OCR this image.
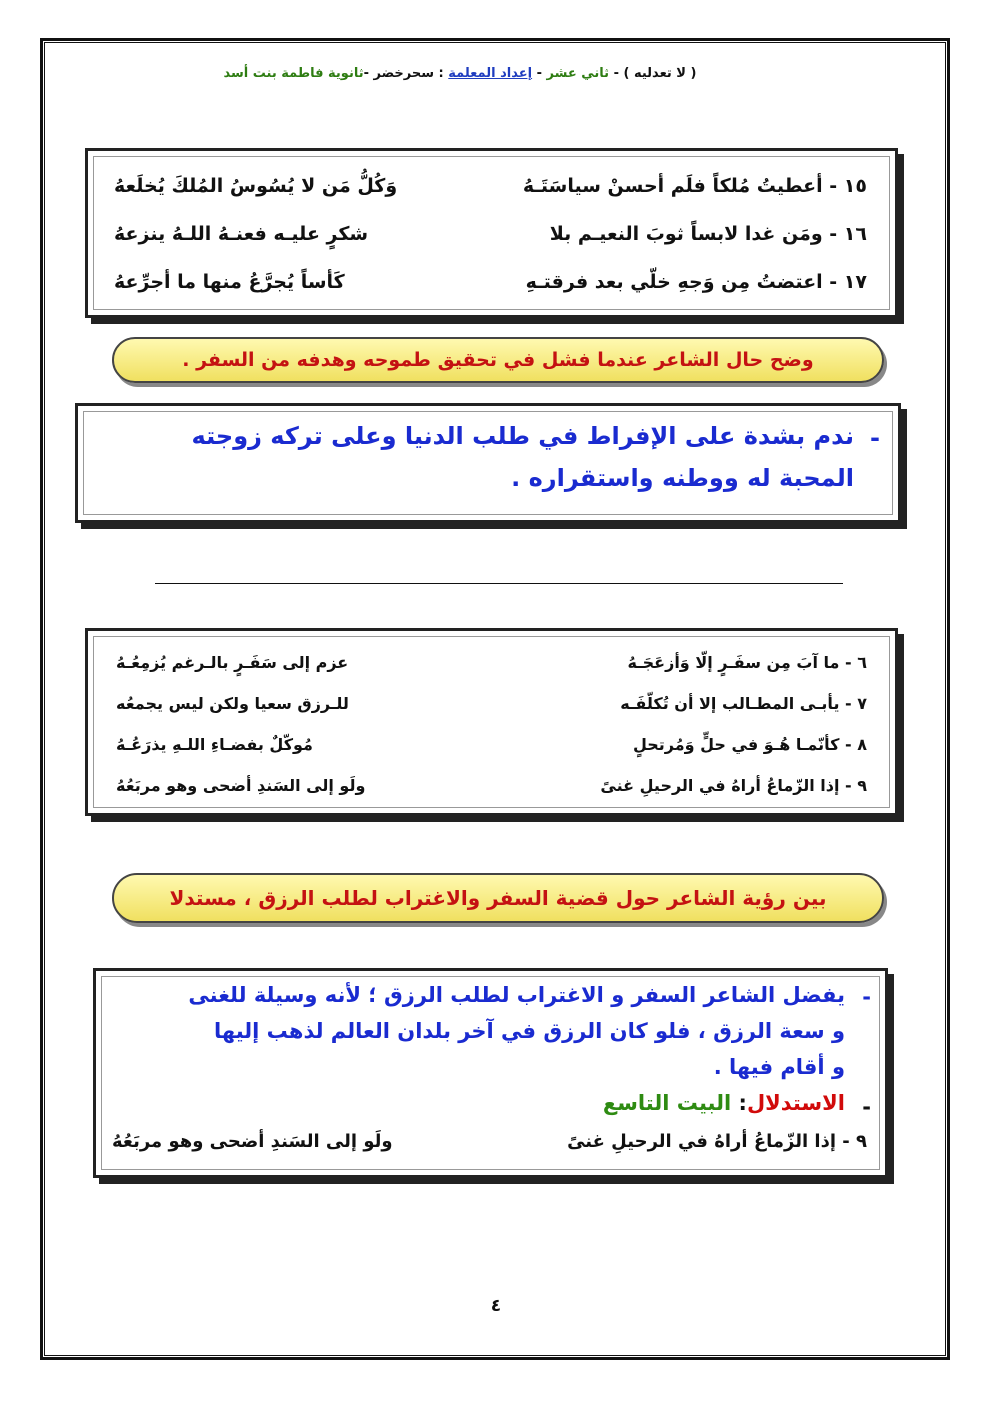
( لا تعدليه ) - ثاني عشر - إعداد المعلمة : سحرخضر -ثانوية فاطمة بنت أسد
١٥ - أعطيتُ مُلكاً فلَم أحسنْ سياسَتَـهُ
وَكُلُّ مَن لا يُسُوسُ المُلكَ يُخلَعهُ
١٦ - ومَن غدا لابساً ثوبَ النعيـم بلا
شكرٍ عليـه فعنـهُ اللـهُ ينزعهُ
١٧ - اعتضتُ مِن وَجهِ خلّي بعد فرقتـهِ
كَأساً يُجرَّعُ منها ما أجرِّعهُ
وضح حال الشاعر عندما فشل في تحقيق طموحه وهدفه من السفر .
-
ندم بشدة على الإفراط في طلب الدنيا وعلى تركه زوجته
المحبة له ووطنه واستقراره .
٦ - ما آبَ مِن سفَـرٍ إلّا وَأزعَجَـهُ
عزم إلى سَفَـرٍ بالـرغم يُزمِعُـهُ
٧ - يأبـى المطـالب إلا أن تُكلّفَـه
للـرزق سعيا ولكن ليس يجمعُه
٨ - كأنّمـا هُـوَ في حلٍّ وَمُرتحلٍ
مُوكّلٌ بفضـاءِ اللـهِ يذرَعُـهُ
٩ - إذا الزّماعُ أراهُ في الرحيلِ غنىً
ولَو إلى السَندِ أضحى وهو مربَعُهُ
بين رؤية الشاعر حول قضية السفر والاغتراب لطلب الرزق ، مستدلا
-
يفضل الشاعر السفر و الاغتراب لطلب الرزق ؛ لأنه وسيلة للغنى
و سعة الرزق ، فلو كان الرزق في آخر بلدان العالم لذهب إليها
و أقام فيها .
-
الاستدلال: البيت التاسع
٩ - إذا الزّماعُ أراهُ في الرحيلِ غنىً
ولَو إلى السَندِ أضحى وهو مربَعُهُ
٤
